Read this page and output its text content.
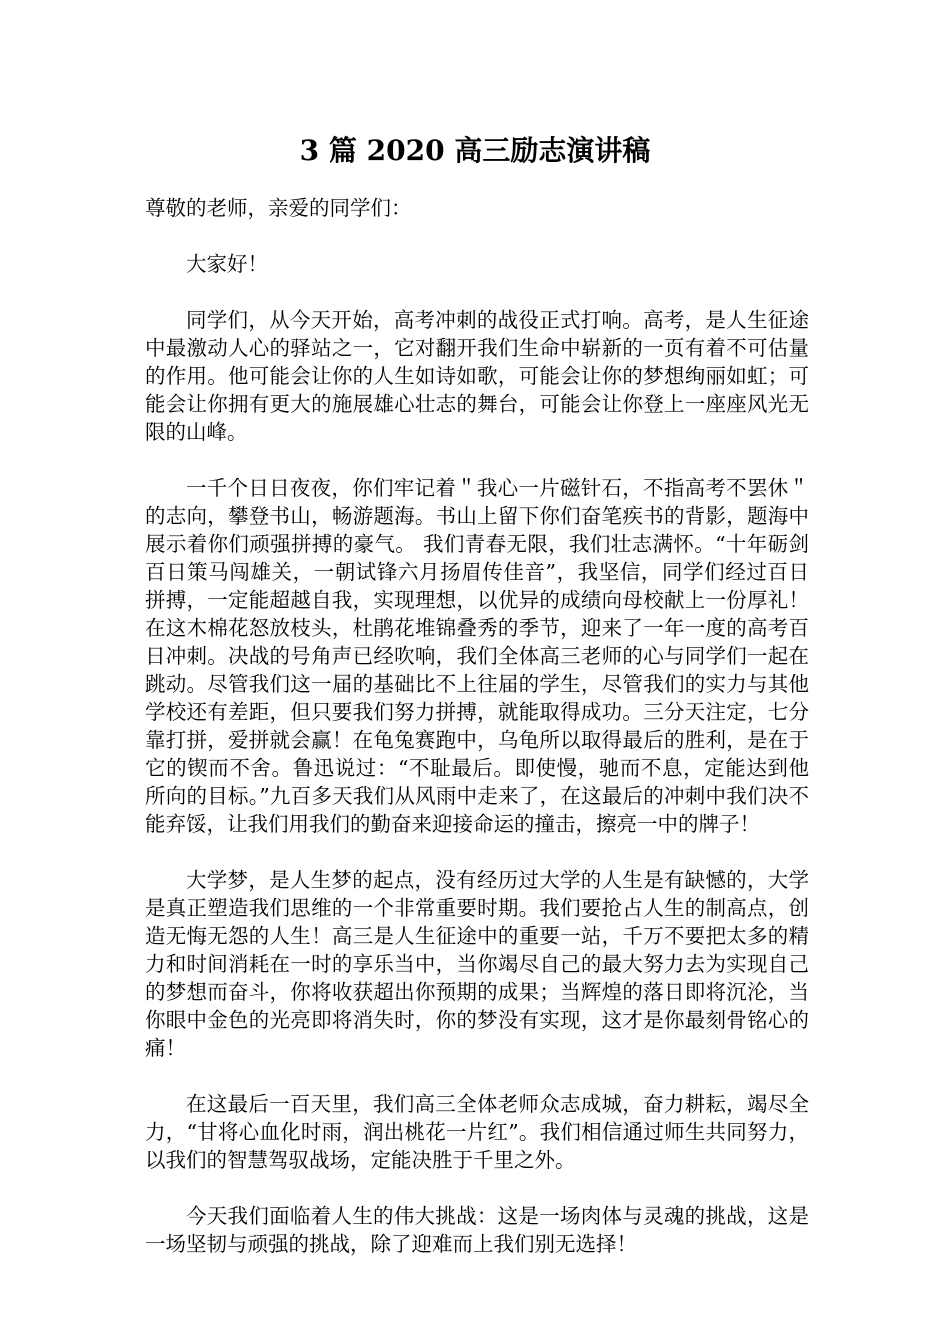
3 篇 2020 高三励志演讲稿

尊敬的老师，亲爱的同学们：

大家好！

同学们，从今天开始，高考冲刺的战役正式打响。高考，是人生征途中最激动人心的驿站之一，它对翻开我们生命中崭新的一页有着不可估量的作用。他可能会让你的人生如诗如歌，可能会让你的梦想绚丽如虹；可能会让你拥有更大的施展雄心壮志的舞台，可能会让你登上一座座风光无限的山峰。

一千个日日夜夜，你们牢记着＂我心一片磁针石，不指高考不罢休＂的志向，攀登书山，畅游题海。书山上留下你们奋笔疾书的背影，题海中展示着你们顽强拼搏的豪气。 我们青春无限，我们壮志满怀。“十年砺剑百日策马闯雄关，一朝试锋六月扬眉传佳音”，我坚信，同学们经过百日拼搏，一定能超越自我，实现理想，以优异的成绩向母校献上一份厚礼！在这木棉花怒放枝头，杜鹃花堆锦叠秀的季节，迎来了一年一度的高考百日冲刺。决战的号角声已经吹响，我们全体高三老师的心与同学们一起在跳动。尽管我们这一届的基础比不上往届的学生，尽管我们的实力与其他学校还有差距，但只要我们努力拼搏，就能取得成功。三分天注定，七分靠打拼，爱拼就会赢！在龟兔赛跑中，乌龟所以取得最后的胜利，是在于它的锲而不舍。鲁迅说过：“不耻最后。即使慢，驰而不息，定能达到他所向的目标。”九百多天我们从风雨中走来了，在这最后的冲刺中我们决不能弃馁，让我们用我们的勤奋来迎接命运的撞击，擦亮一中的牌子！

大学梦，是人生梦的起点，没有经历过大学的人生是有缺憾的，大学是真正塑造我们思维的一个非常重要时期。我们要抢占人生的制高点，创造无悔无怨的人生！高三是人生征途中的重要一站，千万不要把太多的精力和时间消耗在一时的享乐当中，当你竭尽自己的最大努力去为实现自己的梦想而奋斗，你将收获超出你预期的成果；当辉煌的落日即将沉沦，当你眼中金色的光亮即将消失时，你的梦没有实现，这才是你最刻骨铭心的痛！

在这最后一百天里，我们高三全体老师众志成城，奋力耕耘，竭尽全力，“甘将心血化时雨，润出桃花一片红”。我们相信通过师生共同努力，以我们的智慧驾驭战场，定能决胜于千里之外。

今天我们面临着人生的伟大挑战：这是一场肉体与灵魂的挑战，这是一场坚韧与顽强的挑战，除了迎难而上我们别无选择！
